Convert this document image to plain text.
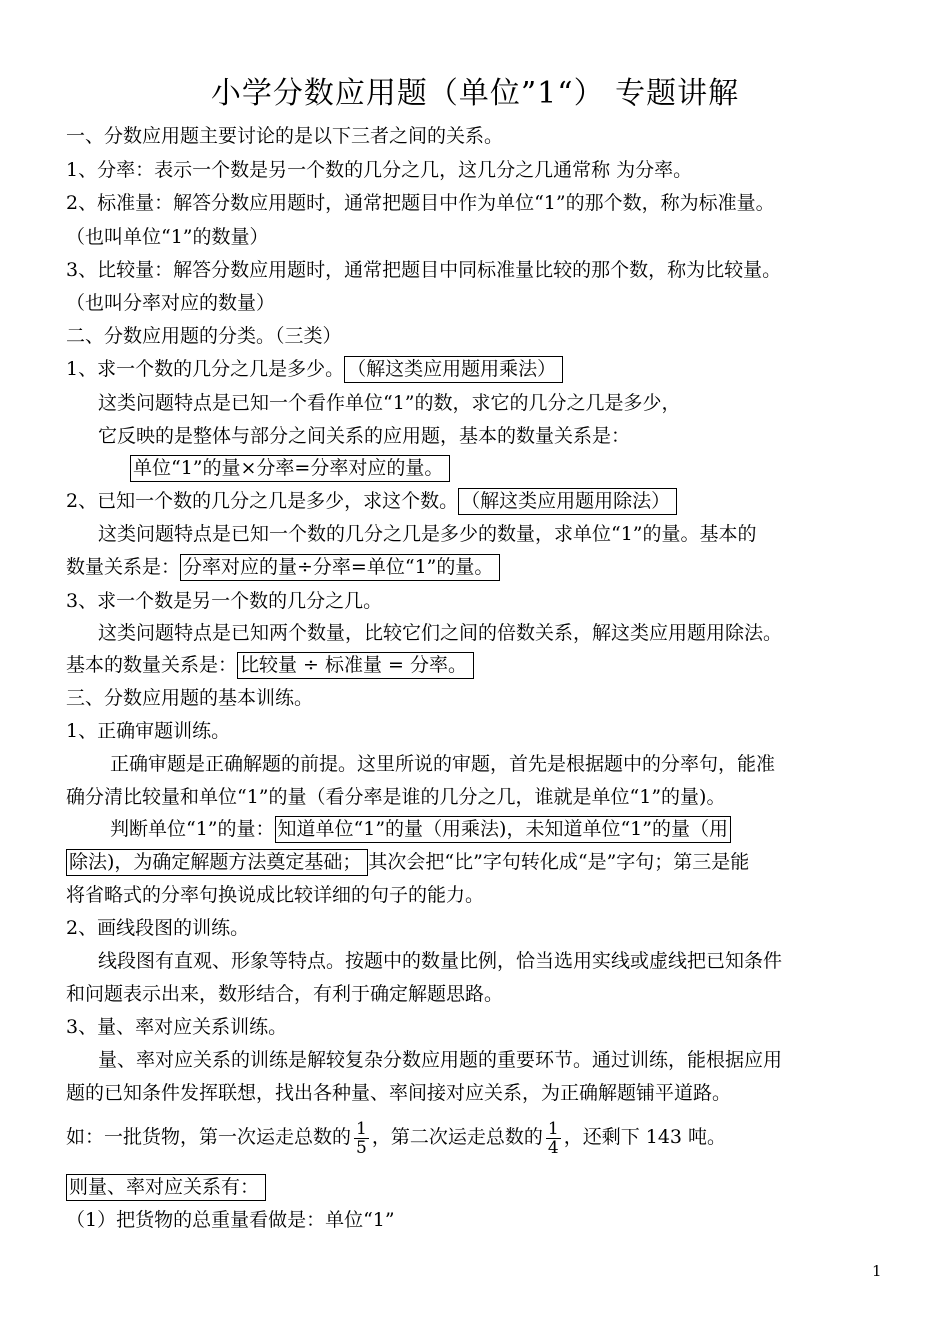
小学分数应用题（单位”1“） 专题讲解
一、分数应用题主要讨论的是以下三者之间的关系。
1、分率：表示一个数是另一个数的几分之几，这几分之几通常称 为分率。
2、标准量：解答分数应用题时，通常把题目中作为单位“1”的那个数，称为标准量。
（也叫单位“1”的数量）
3、比较量：解答分数应用题时，通常把题目中同标准量比较的那个数，称为比较量。
（也叫分率对应的数量）
二、分数应用题的分类。（三类）
1、求一个数的几分之几是多少。 （解这类应用题用乘法）
这类问题特点是已知一个看作单位“1”的数，求它的几分之几是多少，
它反映的是整体与部分之间关系的应用题，基本的数量关系是：
单位“1”的量×分率=分率对应的量。
2、已知一个数的几分之几是多少，求这个数。 （解这类应用题用除法）
这类问题特点是已知一个数的几分之几是多少的数量，求单位“1”的量。基本的
数量关系是： 分率对应的量÷分率=单位“1”的量。
3、求一个数是另一个数的几分之几。
这类问题特点是已知两个数量，比较它们之间的倍数关系，解这类应用题用除法。
基本的数量关系是： 比较量 ÷ 标准量 = 分率。
三、分数应用题的基本训练。
1、正确审题训练。
正确审题是正确解题的前提。这里所说的审题，首先是根据题中的分率句，能准
确分清比较量和单位“1”的量（看分率是谁的几分之几，谁就是单位“1”的量)。
判断单位“1”的量： 知道单位“1”的量（用乘法)，未知道单位“1”的量（用
除法)，为确定解题方法奠定基础； 其次会把“比”字句转化成“是”字句；第三是能
将省略式的分率句换说成比较详细的句子的能力。
2、画线段图的训练。
线段图有直观、形象等特点。按题中的数量比例，恰当选用实线或虚线把已知条件
和问题表示出来，数形结合，有利于确定解题思路。
3、量、率对应关系训练。
量、率对应关系的训练是解较复杂分数应用题的重要环节。通过训练，能根据应用
题的已知条件发挥联想，找出各种量、率间接对应关系，为正确解题铺平道路。
如：一批货物，第一次运走总数的 $\frac{1}{5}$ ，第二次运走总数的 $\frac{1}{4}$ ，还剩下 143 吨。
则量、率对应关系有：
（1）把货物的总重量看做是：单位“1”
1
